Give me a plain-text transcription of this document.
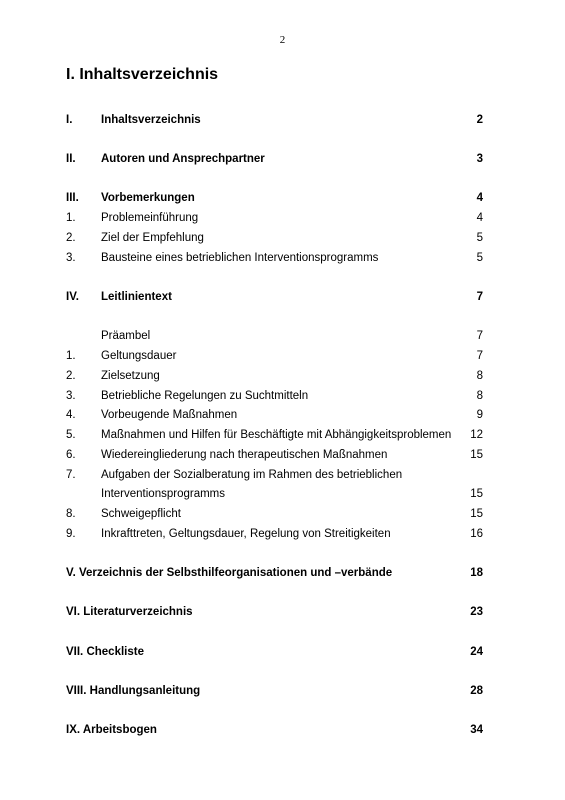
2
I. Inhaltsverzeichnis
I. Inhaltsverzeichnis	2
II. Autoren und Ansprechpartner	3
III. Vorbemerkungen	4
1. Problemeinführung	4
2. Ziel der Empfehlung	5
3. Bausteine eines betrieblichen Interventionsprogramms	5
IV. Leitlinientext	7
Präambel	7
1. Geltungsdauer	7
2. Zielsetzung	8
3. Betriebliche Regelungen zu Suchtmitteln	8
4. Vorbeugende Maßnahmen	9
5. Maßnahmen und Hilfen für Beschäftigte mit Abhängigkeitsproblemen 12
6. Wiedereingliederung nach therapeutischen Maßnahmen	15
7. Aufgaben der Sozialberatung im Rahmen des betrieblichen
Interventionsprogramms	15
8. Schweigepflicht	15
9. Inkrafttreten, Geltungsdauer, Regelung von Streitigkeiten	16
V. Verzeichnis der Selbsthilfeorganisationen und –verbände	18
VI. Literaturverzeichnis	23
VII. Checkliste	24
VIII. Handlungsanleitung	28
IX. Arbeitsbogen	34
